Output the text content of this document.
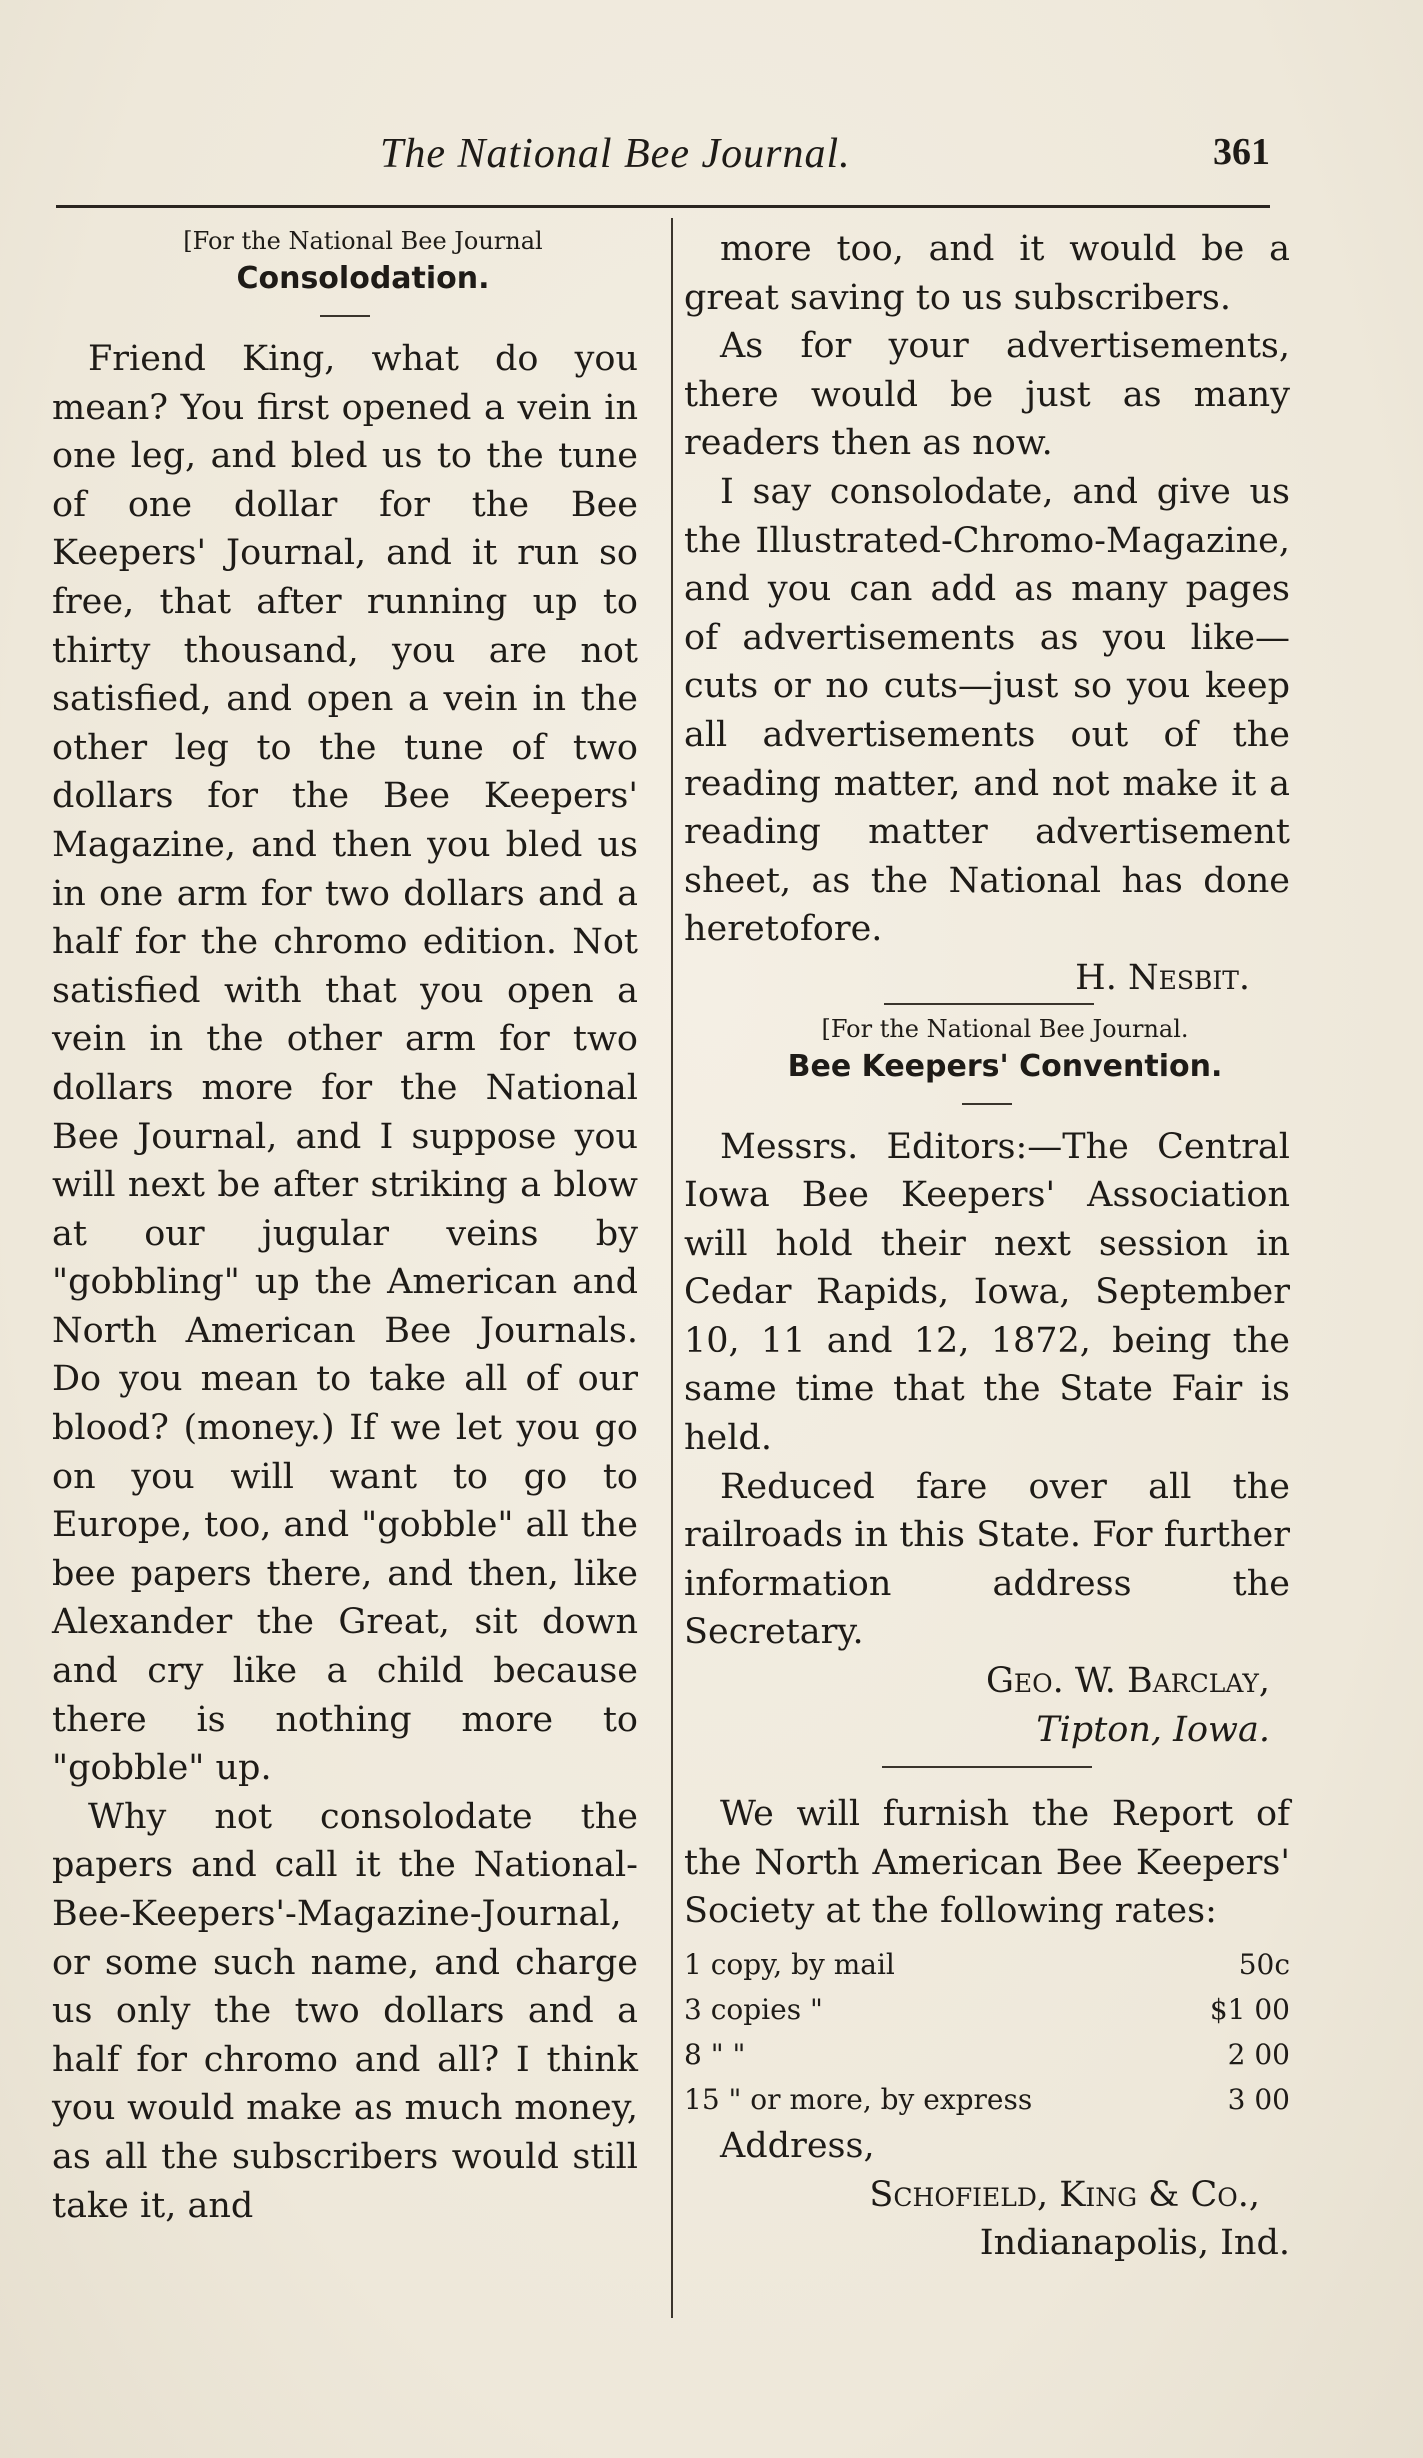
The National Bee Journal.	361

[For the National Bee Journal

Consolodation.

Friend King, what do you mean? You first opened a vein in one leg, and bled us to the tune of one dollar for the Bee Keepers' Journal, and it run so free, that after running up to thirty thousand, you are not satisfied, and open a vein in the other leg to the tune of two dollars for the Bee Keepers' Magazine, and then you bled us in one arm for two dollars and a half for the chromo edition. Not satisfied with that you open a vein in the other arm for two dollars more for the National Bee Journal, and I suppose you will next be after striking a blow at our jugular veins by "gobbling" up the American and North American Bee Journals. Do you mean to take all of our blood? (money.) If we let you go on you will want to go to Europe, too, and "gobble" all the bee papers there, and then, like Alexander the Great, sit down and cry like a child because there is nothing more to "gobble" up.

Why not consolodate the papers and call it the National-Bee-Keepers'-Magazine-Journal, or some such name, and charge us only the two dollars and a half for chromo and all? I think you would make as much money, as all the subscribers would still take it, and

more too, and it would be a great saving to us subscribers.

As for your advertisements, there would be just as many readers then as now.

I say consolodate, and give us the Illustrated-Chromo-Magazine, and you can add as many pages of advertisements as you like—cuts or no cuts—just so you keep all advertisements out of the reading matter, and not make it a reading matter advertisement sheet, as the National has done heretofore.

H. Nesbit.

[For the National Bee Journal.

Bee Keepers' Convention.

Messrs. Editors:—The Central Iowa Bee Keepers' Association will hold their next session in Cedar Rapids, Iowa, September 10, 11 and 12, 1872, being the same time that the State Fair is held.

Reduced fare over all the railroads in this State. For further information address the Secretary.

Geo. W. Barclay,

Tipton, Iowa.

We will furnish the Report of the North American Bee Keepers' Society at the following rates:

1 copy, by mail	50c
3 copies "	$1 00
8 " "	2 00
15 " or more, by express	3 00

Address,

Schofield, King & Co.,

Indianapolis, Ind.
